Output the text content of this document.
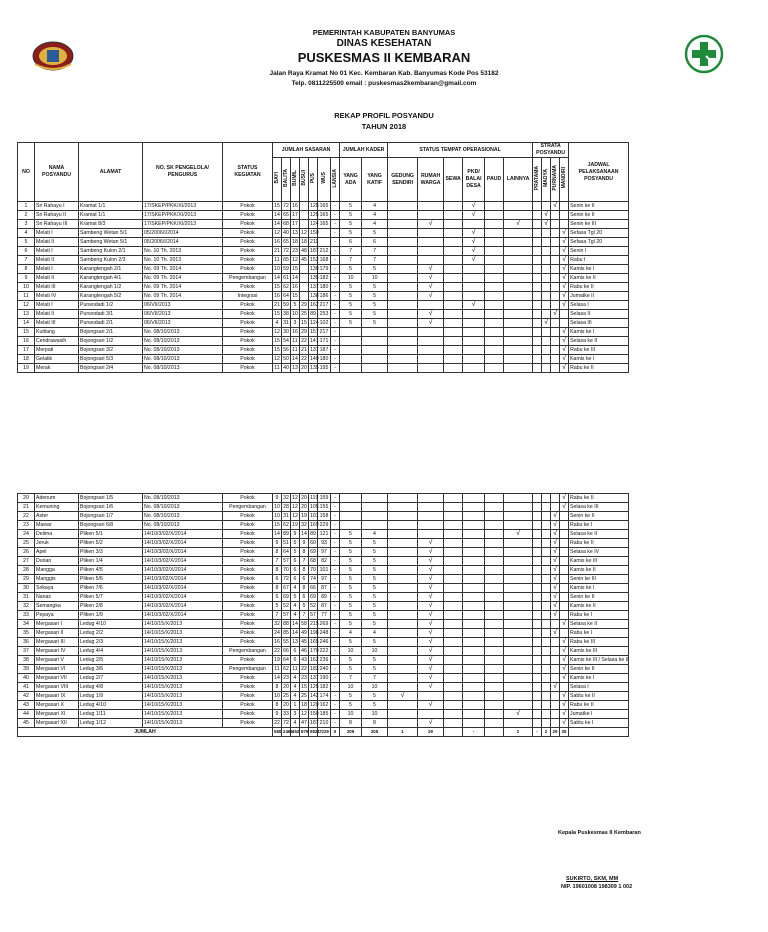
PEMERINTAH KABUPATEN BANYUMAS
DINAS KESEHATAN
PUSKESMAS II KEMBARAN
Jalan Raya Kramat No 01 Kec. Kembaran Kab. Banyumas Kode Pos 53182
Telp. 0811225500 email : puskesmas2kembaran@gmail.com
REKAP PROFIL POSYANDU
TAHUN 2018
NO	NAMA POSYANDU	ALAMAT	NO. SK PENGELOLA/ PENGURUS	STATUS KEGIATAN	JUMLAH SASARAN							JUMLAH KADER		STATUS TEMPAT OPERASIONAL						STRATA POSYANDU				JADWAL PELAKSANAAN POSYANDU
					BAYI	BALITA	BUMIL	BUSUI	PUS	WUS	LANSIA	YANG ADA	YANG KATIF	GEDUNG SENDIRI	RUMAH WARGA	SEWA	PKD/ BALAI DESA	PAUD	LAINNYA	PRATAMA	MADYA	PURNAMA	MANDIRI	
1	Sri Rahayu I	Kramat 1/1	17/SKEP/PKK/XI/2013	Pokok	15	72	16		125	165	-	5	4				√					√		Senin ke II
2	Sri Rahayu II	Kramat 1/1	17/SKEP/PKK/XI/2013	Pokok	14	65	17		125	165	-	5	4				√				√			Senin ke II
3	Sri Rahayu III	Kramat 8/3	17/SKEP/PKK/XI/2013	Pokok	14	68	17		124	165	-	5	4		√				√		√			Senin ke III
4	Melati I	Sambeng Wetan 5/1	05/2006/I/2014	Pokok	12	40	13	12	150		-	5	5				√						√	Sefasa Tgl 20
5	Melati II	Sambeng Wetan 5/1	05/2006/I/2014	Pokok	16	65	18	18	211		-	6	6				√						√	Sefasa Tgl 20
6	Melati I	Sambeng Kulon 2/1	No. 10 Th. 2013	Pokok	21	72	23	48	187	212	-	7	7				√						√	Senin I
7	Melati II	Sambeng Kulon 2/3	No. 10 Th. 2013	Pokok	11	65	12	45	152	168	-	7	7				√						√	Rabu I
8	Melati I	Karangtengah 2/1	No. 09 Th. 2014	Pokok	10	59	15		130	179	-	5	5		√								√	Kamis ke I
9	Melati II	Karangtengah 4/1	No. 09 Th. 2014	Pengembangan	14	61	14		135	182	-	10	10		√								√	Kamis ke II
10	Melati III	Karangtengah 1/2	No. 09 Th. 2014	Pokok	15	62	16		137	180	-	5	5		√								√	Rabu ke II
11	Melati IV	Karangtengah 5/2	No. 09 Th. 2014	Integrasi	16	64	15		138	186	-	5	5		√								√	Jumatke II
12	Melati I	Purwodadi 1/2	06/VII/2013	Pokok	21	59	5	29	162	217	-	5	5				√						√	Selasa I
13	Melati II	Purwodadi 3/1	06/VII/2013	Pokok	15	38	10	25	89	253	-	5	5		√							√		Selasa II
14	Melati III	Purwodadi 2/1	06/VII/2013	Pokok	4	31	3	15	124	102	-	5	5		√						√			Selasa III
15	Kutilang	Bojongsari 2/1	No. 08/10/2013	Pokok	12	30	16	29	157	217	-												√	Kamis ke I
16	Cendrawasih	Bojongsari 1/2	No. 08/10/2013	Pokok	15	54	11	22	141	171	-												√	Selasa ke II
17	Merpati	Bojongsari 3/2	No. 08/10/2013	Pokok	15	56	11	21	137	187	-												√	Rabu ke III
18	Gelatik	Bojongsari 5/3	No. 08/10/2013	Pokok	12	50	14	22	140	180	-												√	Kamis ke I
19	Merak	Bojongsari 2/4	No. 08/10/2013	Pokok	11	40	13	20	135	195	-												√	Rabu ke II
20	Adenum	Bojongsari 1/5	No. 08/10/2013	Pokok	9	32	12	20	119	159	-												√	Rabu ke II
21	Kemuning	Bojongsari 1/6	No. 08/10/2013	Pengembangan	10	28	12	20	105	155	-												√	Selasa ke III
22	Aster	Bojongsari 1/7	No. 08/10/2013	Pokok	10	31	12	19	101	158	-											√		Senin ke II
23	Mawar	Bojongsari 6/8	No. 08/10/2013	Pokok	15	62	19	32	169	229	-											√		Rabu ke I
24	Delima	Pliken 5/1	14/10/3/02/X/2014	Pokok	14	89	9	14	89	121	-	5	4						√			√		Selasa ke II
25	Jeruk	Pliken 5/2	14/10/3/02/X/2014	Pokok	9	51	5	9	60	93	-	5	5		√							√		Rabu ke II
26	Apel	Pliken 3/3	14/10/3/02/X/2014	Pokok	8	64	5	8	69	97	-	5	5		√							√		Selasa ke IV
27	Durian	Pliken 1/4	14/10/3/02/X/2014	Pokok	7	57	6	7	68	82	-	5	5		√							√		Kamis ke III
28	Mangga	Pliken 4/5	14/10/3/02/X/2014	Pokok	8	70	6	8	70	101	-	5	5		√							√		Kamis ke II
29	Manggis	Pliken 5/6	14/10/3/02/X/2014	Pokok	6	72	6	6	74	97	-	5	5		√							√		Senin ke III
30	Srikaya	Pliken 7/6	14/10/3/02/X/2014	Pokok	8	67	4	8	66	87	-	5	5		√							√		Kamis ke I
31	Nanas	Pliken 5/7	14/10/3/02/X/2014	Pokok	6	69	5	6	69	89	-	5	5		√							√		Senin ke II
32	Semangka	Pliken 2/8	14/10/3/02/X/2014	Pokok	5	52	4	5	52	87	-	5	5		√							√		Kamis ke II
33	Pepaya	Pliken 1/9	14/10/3/02/X/2014	Pokok	7	57	4	7	57	77	-	5	5		√							√		Rabu ke I
34	Mergasari I	Ledug 4/10	14/10/15/X/2013	Pokok	32	88	14	58	215	269	-	5	5		√								√	Selasa ke II
35	Mergasari II	Ledug 2/2	14/10/15/X/2013	Pokok	24	85	14	49	198	248	-	4	4		√							√		Rabu ke I
36	Mergasari III	Ledug 2/3	14/10/15/X/2013	Pokok	16	55	13	45	165	246	-	5	5		√								√	Rabu ke III
37	Mergasari IV	Ledug 4/4	14/10/15/X/2013	Pengembangan	22	66	6	46	170	222	-	10	10		√								√	Kamis ke III
38	Mergasari V	Ledug 2/5	14/10/15/X/2013	Pokok	19	64	6	43	162	236	-	5	5		√								√	Kamis ke III / Selasa ke II
39	Mergasari VI	Ledug 3/6	14/10/15/X/2013	Pengembangan	11	62	11	22	183	240	-	5	5		√								√	Senin ke II
40	Mergasari VII	Ledug 2/7	14/10/15/X/2013	Pokok	14	23	4	23	137	190	-	7	7		√								√	Kamis ke I
41	Mergasari VIII	Ledug 4/8	14/10/15/X/2013	Pokok	8	20	4	15	125	182	-	10	10		√							√		Selasa I
42	Mergasari IX	Ledug 1/9	14/10/15/X/2013	Pokok	10	25	4	25	142	174	-	5	5	√									√	Sabtu ke II
43	Mergasari X	Ledug 4/10	14/10/15/X/2013	Pokok	8	20	1	18	120	162	-	5	5		√								√	Rabu ke II
44	Mergasari XI	Ledug 1/11	14/10/15/X/2013	Pokok	9	33	3	12	150	185	-	10	10						√				√	Jumatke I
45	Mergasari XII	Ledug 1/12	14/10/15/X/2013	Pokok	22	72	4	47	187	210	-	8	8		√								√	Sabtu ke I
JUMLAH					580	2465	452	879	5821	7229	0	209	205	1	29		-		2	-	2	29	35	
Kepala Puskesmas II Kembaran
SUKIRTO, SKM, MM
NIP. 19601008 198309 1 002
